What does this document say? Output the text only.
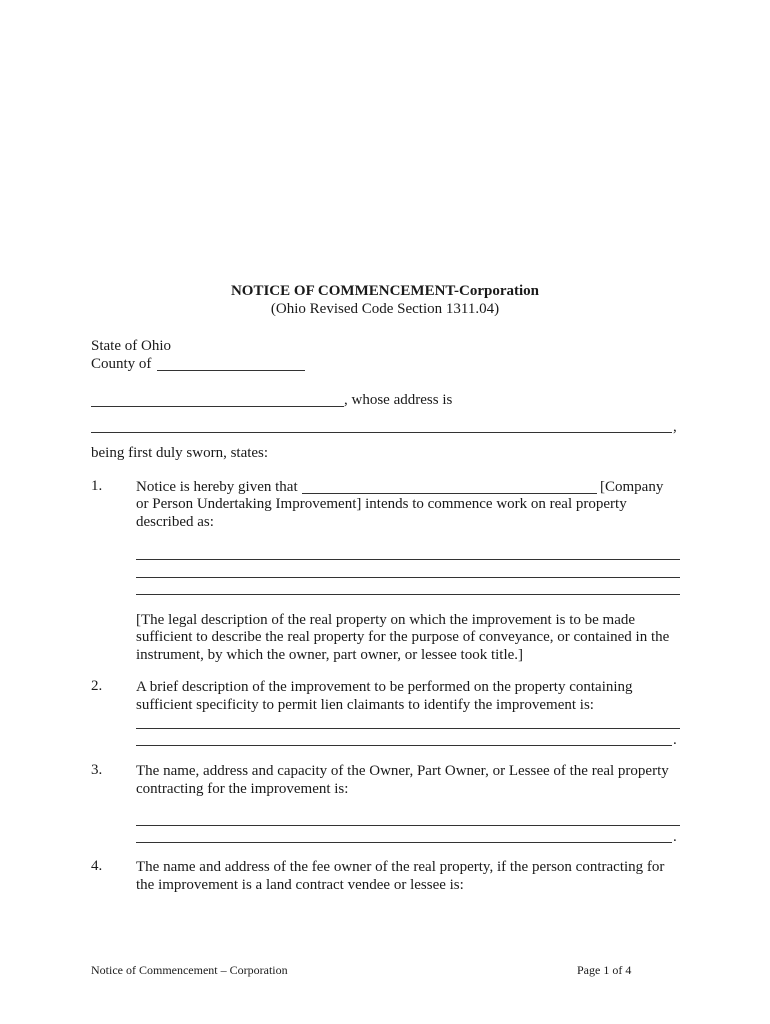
NOTICE OF COMMENCEMENT-Corporation
(Ohio Revised Code Section 1311.04)
State of Ohio
County of
, whose address is
,
being first duly sworn, states:
1. Notice is hereby given that	[Company
or Person Undertaking Improvement] intends to commence work on real property
described as:
[The legal description of the real property on which the improvement is to be made
sufficient to describe the real property for the purpose of conveyance, or contained in the
instrument, by which the owner, part owner, or lessee took title.]
2. A brief description of the improvement to be performed on the property containing
sufficient specificity to permit lien claimants to identify the improvement is:
.
3. The name, address and capacity of the Owner, Part Owner, or Lessee of the real property
contracting for the improvement is:
.
4. The name and address of the fee owner of the real property, if the person contracting for
the improvement is a land contract vendee or lessee is:
Notice of Commencement – Corporation	Page 1 of 4
